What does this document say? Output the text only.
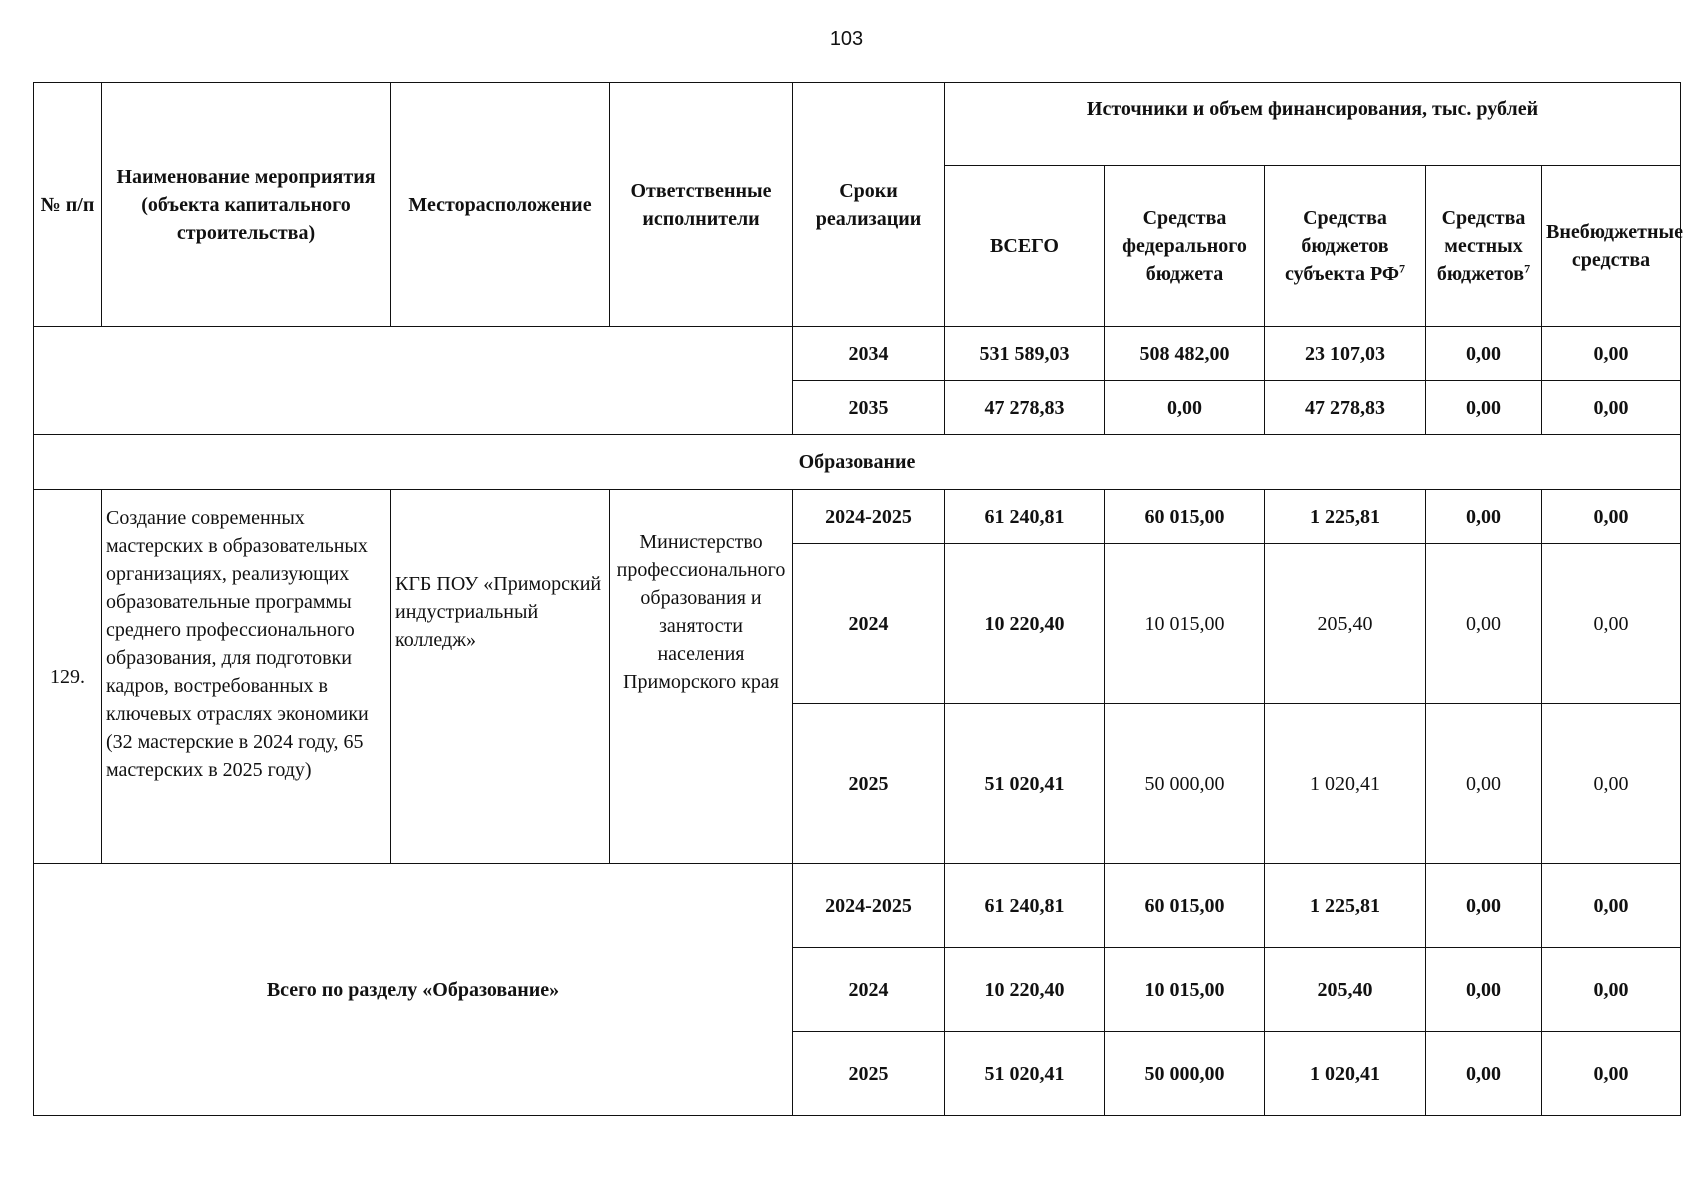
103
№ п/п	Наименование мероприятия (объекта капитального строительства)	Месторасположение	Ответственные исполнители	Сроки реализации	Источники и объем финансирования, тыс. рублей				
					ВСЕГО	Средства федерального бюджета	Средства бюджетов субъекта $РФ^7$	Средства местных бюджетов$^7$	Внебюджетные средства
				2034	531 589,03	508 482,00	23 107,03	0,00	0,00
				2035	47 278,83	0,00	47 278,83	0,00	0,00
Образование									
129.	Создание современных мастерских в образовательных организациях, реализующих образовательные программы среднего профессионального образования, для подготовки кадров, востребованных в ключевых отраслях экономики (32 мастерские в 2024 году, 65 мастерских в 2025 году)	КГБ ПОУ «Приморский индустриальный колледж»	Министерство профессионального образования и занятости населения Приморского края	2024-2025	61 240,81	60 015,00	1 225,81	0,00	0,00
				2024	10 220,40	10 015,00	205,40	0,00	0,00
				2025	51 020,41	50 000,00	1 020,41	0,00	0,00
Всего по разделу «Образование»				2024-2025	61 240,81	60 015,00	1 225,81	0,00	0,00
				2024	10 220,40	10 015,00	205,40	0,00	0,00
				2025	51 020,41	50 000,00	1 020,41	0,00	0,00
